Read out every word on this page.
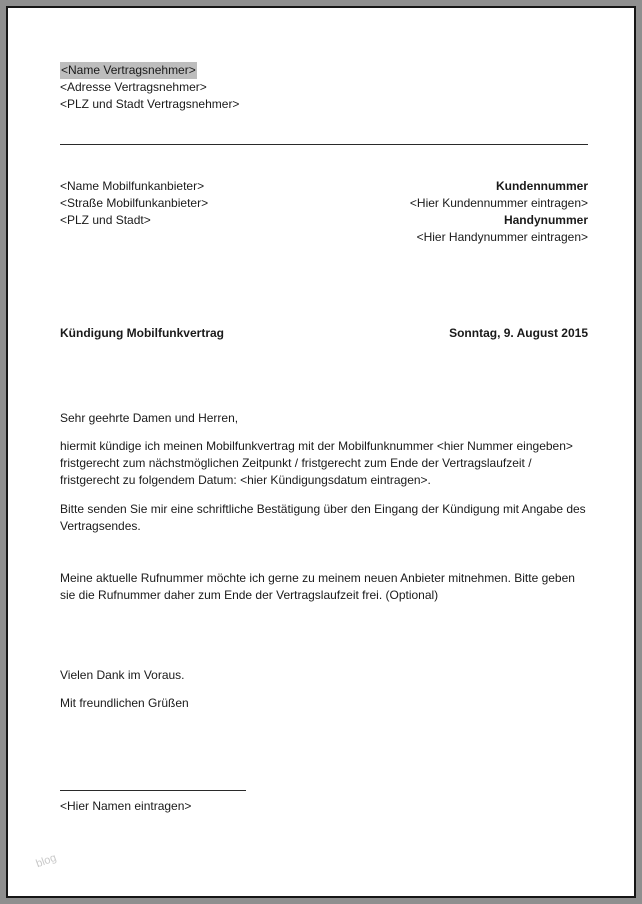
<Name Vertragsnehmer>
<Adresse Vertragsnehmer>
<PLZ und Stadt Vertragsnehmer>
<Name Mobilfunkanbieter>
<Straße Mobilfunkanbieter>
<PLZ und Stadt>
Kundennummer
<Hier Kundennummer eintragen>
Handynummer
<Hier Handynummer eintragen>
Kündigung Mobilfunkvertrag	Sonntag, 9. August 2015
Sehr geehrte Damen und Herren,

hiermit kündige ich meinen Mobilfunkvertrag mit der Mobilfunknummer <hier Nummer eingeben> fristgerecht zum nächstmöglichen Zeitpunkt / fristgerecht zum Ende der Vertragslaufzeit / fristgerecht zu folgendem Datum: <hier Kündigungsdatum eintragen>.

Bitte senden Sie mir eine schriftliche Bestätigung über den Eingang der Kündigung mit Angabe des Vertragsendes.

Meine aktuelle Rufnummer möchte ich gerne zu meinem neuen Anbieter mitnehmen. Bitte geben sie die Rufnummer daher zum Ende der Vertragslaufzeit frei. (Optional)

Vielen Dank im Voraus.
Mit freundlichen Grüßen
<Hier Namen eintragen>
blog
